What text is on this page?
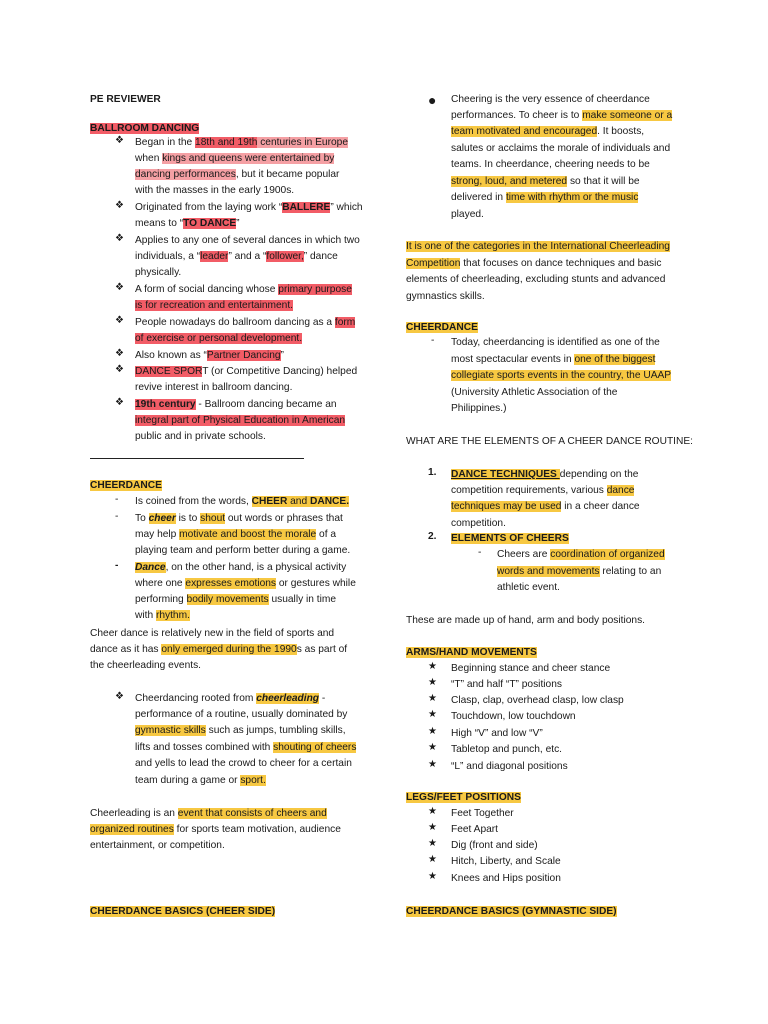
PE REVIEWER
BALLROOM DANCING
❖ Began in the 18th and 19th centuries in Europe
when kings and queens were entertained by
dancing performances, but it became popular
with the masses in the early 1900s.
❖ Originated from the laying work “BALLERE” which
means to “TO DANCE”
❖ Applies to any one of several dances in which two
individuals, a “leader” and a “follower,” dance
physically.
❖ A form of social dancing whose primary purpose
is for recreation and entertainment.
❖ People nowadays do ballroom dancing as a form
of exercise or personal development.
❖ Also known as “Partner Dancing”
❖ DANCE SPORT (or Competitive Dancing) helped
revive interest in ballroom dancing.
❖ 19th century - Ballroom dancing became an
integral part of Physical Education in American
public and in private schools.
CHEERDANCE
- Is coined from the words, CHEER and DANCE.
- To cheer is to shout out words or phrases that
may help motivate and boost the morale of a
playing team and perform better during a game.
- Dance, on the other hand, is a physical activity
where one expresses emotions or gestures while
performing bodily movements usually in time
with rhythm.
Cheer dance is relatively new in the field of sports and
dance as it has only emerged during the 1990s as part of
the cheerleading events.
❖ Cheerdancing rooted from cheerleading -
performance of a routine, usually dominated by
gymnastic skills such as jumps, tumbling skills,
lifts and tosses combined with shouting of cheers
and yells to lead the crowd to cheer for a certain
team during a game or sport.
Cheerleading is an event that consists of cheers and
organized routines for sports team motivation, audience
entertainment, or competition.
CHEERDANCE BASICS (CHEER SIDE)
● Cheering is the very essence of cheerdance
performances. To cheer is to make someone or a
team motivated and encouraged. It boosts,
salutes or acclaims the morale of individuals and
teams. In cheerdance, cheering needs to be
strong, loud, and metered so that it will be
delivered in time with rhythm or the music
played.
It is one of the categories in the International Cheerleading
Competition that focuses on dance techniques and basic
elements of cheerleading, excluding stunts and advanced
gymnastics skills.
CHEERDANCE
- Today, cheerdancing is identified as one of the
most spectacular events in one of the biggest
collegiate sports events in the country, the UAAP
(University Athletic Association of the
Philippines.)
WHAT ARE THE ELEMENTS OF A CHEER DANCE ROUTINE:
1. DANCE TECHNIQUES depending on the
competition requirements, various dance
techniques may be used in a cheer dance
competition.
2. ELEMENTS OF CHEERS
- Cheers are coordination of organized
words and movements relating to an
athletic event.
These are made up of hand, arm and body positions.
ARMS/HAND MOVEMENTS
★ Beginning stance and cheer stance
★ “T” and half “T” positions
★ Clasp, clap, overhead clasp, low clasp
★ Touchdown, low touchdown
★ High “V” and low “V”
★ Tabletop and punch, etc.
★ “L” and diagonal positions
LEGS/FEET POSITIONS
★ Feet Together
★ Feet Apart
★ Dig (front and side)
★ Hitch, Liberty, and Scale
★ Knees and Hips position
CHEERDANCE BASICS (GYMNASTIC SIDE)
